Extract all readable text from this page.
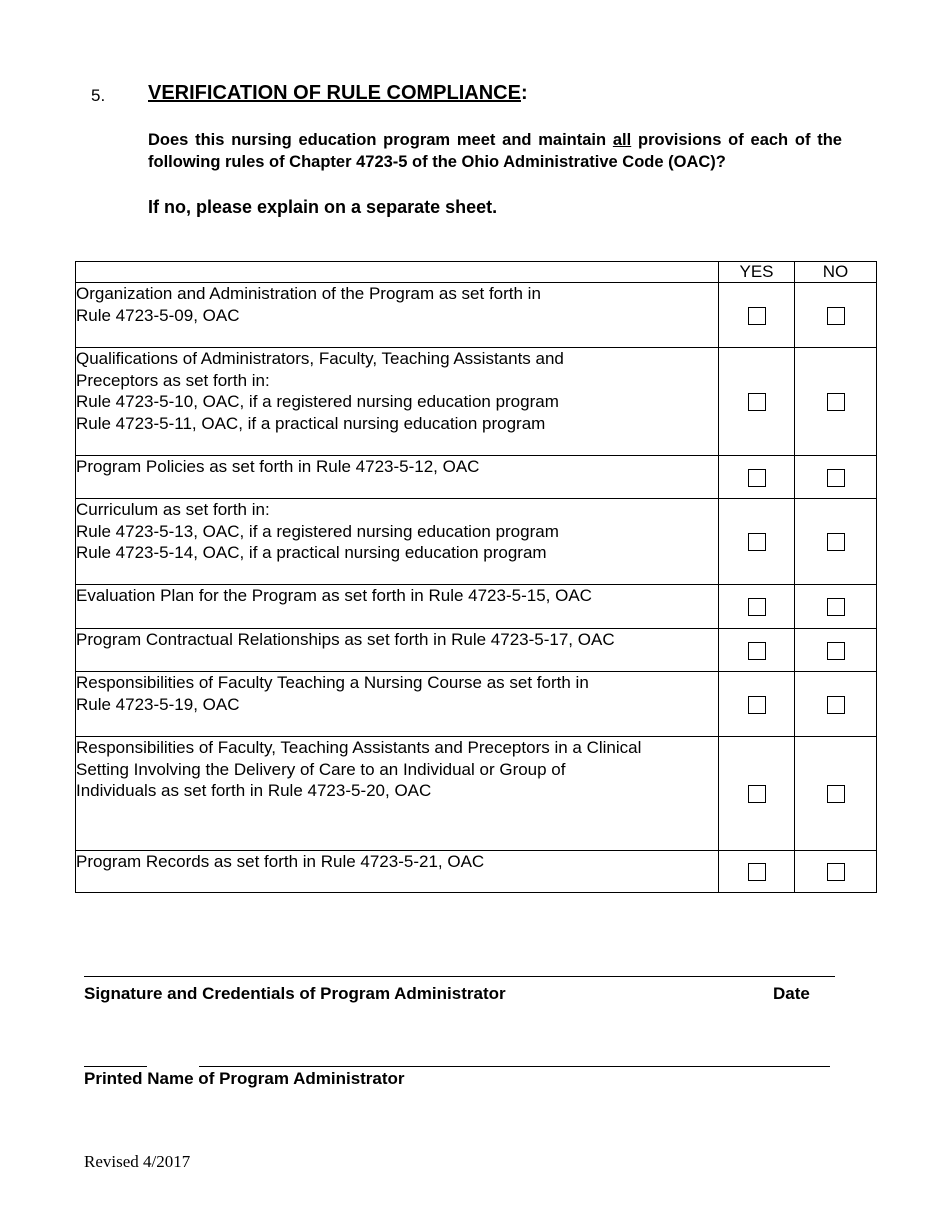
5. VERIFICATION OF RULE COMPLIANCE:
Does this nursing education program meet and maintain all provisions of each of the following rules of Chapter 4723-5 of the Ohio Administrative Code (OAC)?
If no, please explain on a separate sheet.
	YES	NO

Organization and Administration of the Program as set forth in
Rule 4723-5-09, OAC		

Qualifications of Administrators, Faculty, Teaching Assistants and
Preceptors as set forth in:
Rule 4723-5-10, OAC, if a registered nursing education program
Rule 4723-5-11, OAC, if a practical nursing education program		

Program Policies as set forth in Rule 4723-5-12, OAC		

Curriculum as set forth in:
Rule 4723-5-13, OAC, if a registered nursing education program
Rule 4723-5-14, OAC, if a practical nursing education program		

Evaluation Plan for the Program as set forth in Rule 4723-5-15, OAC		

Program Contractual Relationships as set forth in Rule 4723-5-17, OAC		

Responsibilities of Faculty Teaching a Nursing Course as set forth in
Rule 4723-5-19, OAC		

Responsibilities of Faculty, Teaching Assistants and Preceptors in a Clinical
Setting Involving the Delivery of Care to an Individual or Group of
Individuals as set forth in Rule 4723-5-20, OAC		

Program Records as set forth in Rule 4723-5-21, OAC		

Signature and Credentials of Program Administrator	Date
Printed Name of Program Administrator
Revised 4/2017
